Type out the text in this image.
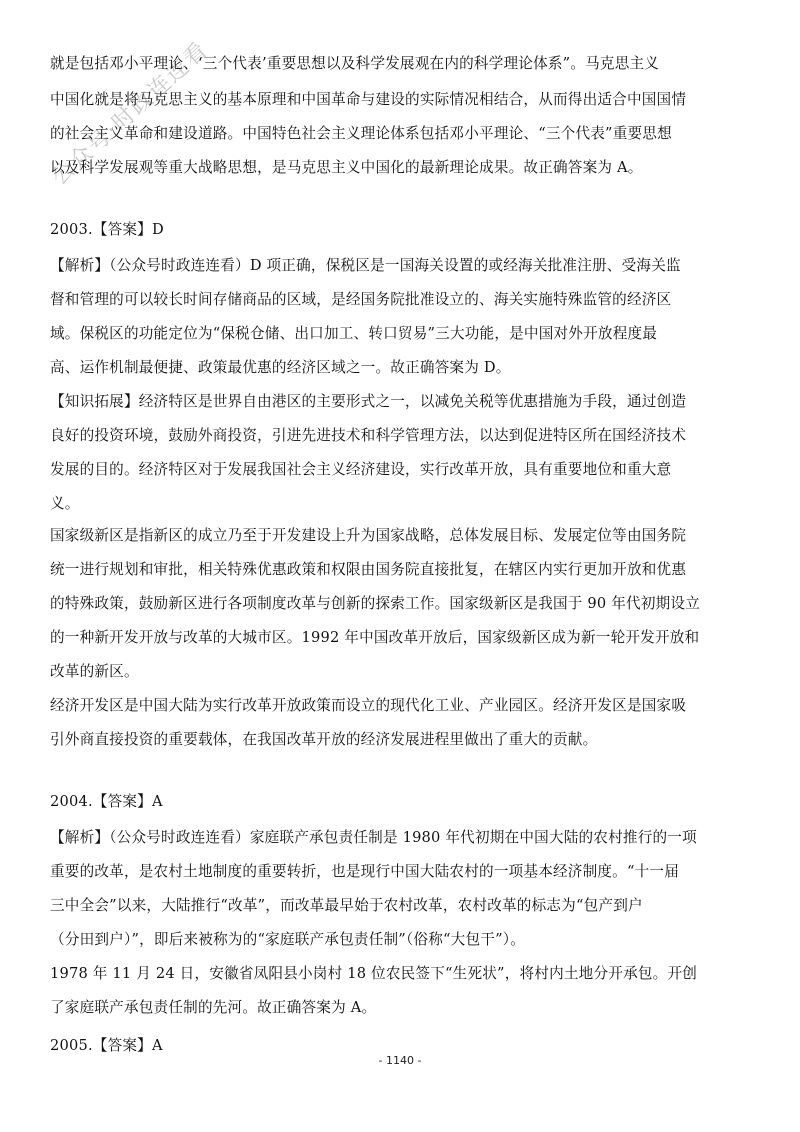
公众号·时政连连看
就是包括邓小平理论、‘三个代表’重要思想以及科学发展观在内的科学理论体系”。马克思主义
中国化就是将马克思主义的基本原理和中国革命与建设的实际情况相结合，从而得出适合中国国情
的社会主义革命和建设道路。中国特色社会主义理论体系包括邓小平理论、“三个代表”重要思想
以及科学发展观等重大战略思想，是马克思主义中国化的最新理论成果。故正确答案为 A。
2003.【答案】D
【解析】（公众号时政连连看）D 项正确，保税区是一国海关设置的或经海关批准注册、受海关监
督和管理的可以较长时间存储商品的区域，是经国务院批准设立的、海关实施特殊监管的经济区
域。保税区的功能定位为“保税仓储、出口加工、转口贸易”三大功能，是中国对外开放程度最
高、运作机制最便捷、政策最优惠的经济区域之一。故正确答案为 D。
【知识拓展】经济特区是世界自由港区的主要形式之一，以减免关税等优惠措施为手段，通过创造
良好的投资环境，鼓励外商投资，引进先进技术和科学管理方法，以达到促进特区所在国经济技术
发展的目的。经济特区对于发展我国社会主义经济建设，实行改革开放，具有重要地位和重大意
义。
国家级新区是指新区的成立乃至于开发建设上升为国家战略，总体发展目标、发展定位等由国务院
统一进行规划和审批，相关特殊优惠政策和权限由国务院直接批复，在辖区内实行更加开放和优惠
的特殊政策，鼓励新区进行各项制度改革与创新的探索工作。国家级新区是我国于 90 年代初期设立
的一种新开发开放与改革的大城市区。1992 年中国改革开放后，国家级新区成为新一轮开发开放和
改革的新区。
经济开发区是中国大陆为实行改革开放政策而设立的现代化工业、产业园区。经济开发区是国家吸
引外商直接投资的重要载体，在我国改革开放的经济发展进程里做出了重大的贡献。
2004.【答案】A
【解析】（公众号时政连连看）家庭联产承包责任制是 1980 年代初期在中国大陆的农村推行的一项
重要的改革，是农村土地制度的重要转折，也是现行中国大陆农村的一项基本经济制度。“十一届
三中全会”以来，大陆推行“改革”，而改革最早始于农村改革，农村改革的标志为“包产到户
（分田到户）”，即后来被称为的“家庭联产承包责任制”（俗称“大包干”）。
1978 年 11 月 24 日，安徽省凤阳县小岗村 18 位农民签下“生死状”，将村内土地分开承包。开创
了家庭联产承包责任制的先河。故正确答案为 A。
2005.【答案】A
- 1140 -
